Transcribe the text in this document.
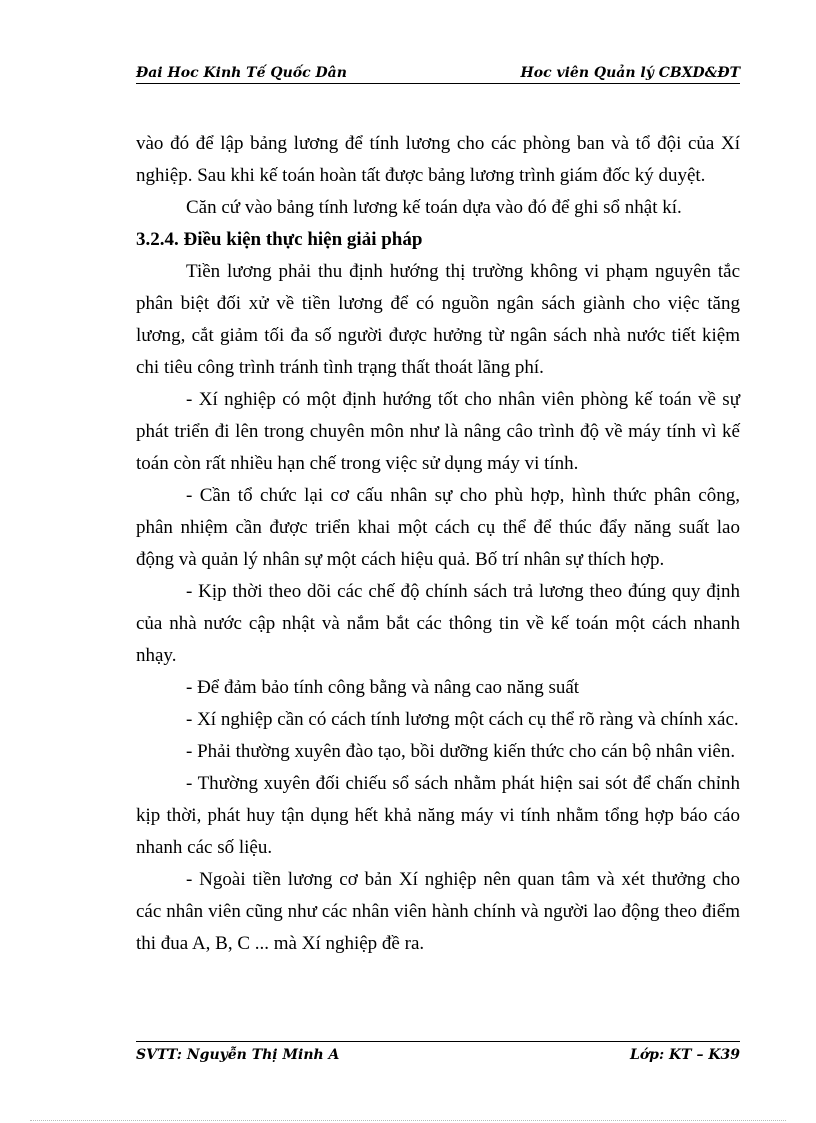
Đai Hoc Kinh Tế Quốc Dân	Hoc viên Quản lý CBXD&ĐT

vào đó để lập bảng lương để tính lương cho các phòng ban và tổ đội của Xí nghiệp. Sau khi kế toán hoàn tất được bảng lương trình giám đốc ký duyệt.

Căn cứ vào bảng tính lương kế toán dựa vào đó để ghi sổ nhật kí.

3.2.4. Điều kiện thực hiện giải pháp

Tiền lương phải thu định hướng thị trường không vi phạm nguyên tắc phân biệt đối xử về tiền lương để có nguồn ngân sách giành cho việc tăng lương, cắt giảm tối đa số người được hưởng từ ngân sách nhà nước tiết kiệm chi tiêu công trình tránh tình trạng thất thoát lãng phí.

- Xí nghiệp có một định hướng tốt cho nhân viên phòng kế toán về sự phát triển đi lên trong chuyên môn như là nâng câo trình độ về máy tính vì kế toán còn rất nhiều hạn chế trong việc sử dụng máy vi tính.

- Cần tổ chức lại cơ cấu nhân sự cho phù hợp, hình thức phân công, phân nhiệm cần được triển khai một cách cụ thể để thúc đẩy năng suất lao động và quản lý nhân sự một cách hiệu quả. Bố trí nhân sự thích hợp.

- Kịp thời theo dõi các chế độ chính sách trả lương theo đúng quy định của nhà nước cập nhật và nắm bắt các thông tin về kế toán một cách nhanh nhạy.

- Để đảm bảo tính công bằng và nâng cao năng suất

- Xí nghiệp cần có cách tính lương một cách cụ thể rõ ràng và chính xác.

- Phải thường xuyên đào tạo, bồi dưỡng kiến thức cho cán bộ nhân viên.

- Thường xuyên đối chiếu sổ sách nhằm phát hiện sai sót để chấn chỉnh kịp thời, phát huy tận dụng hết khả năng máy vi tính nhằm tổng hợp báo cáo nhanh các số liệu.

- Ngoài tiền lương cơ bản Xí nghiệp nên quan tâm và xét thưởng cho các nhân viên cũng như các nhân viên hành chính và người lao động theo điểm thi đua A, B, C ... mà Xí nghiệp đề ra.

SVTT: Nguyễn Thị Minh A	Lớp: KT – K39
